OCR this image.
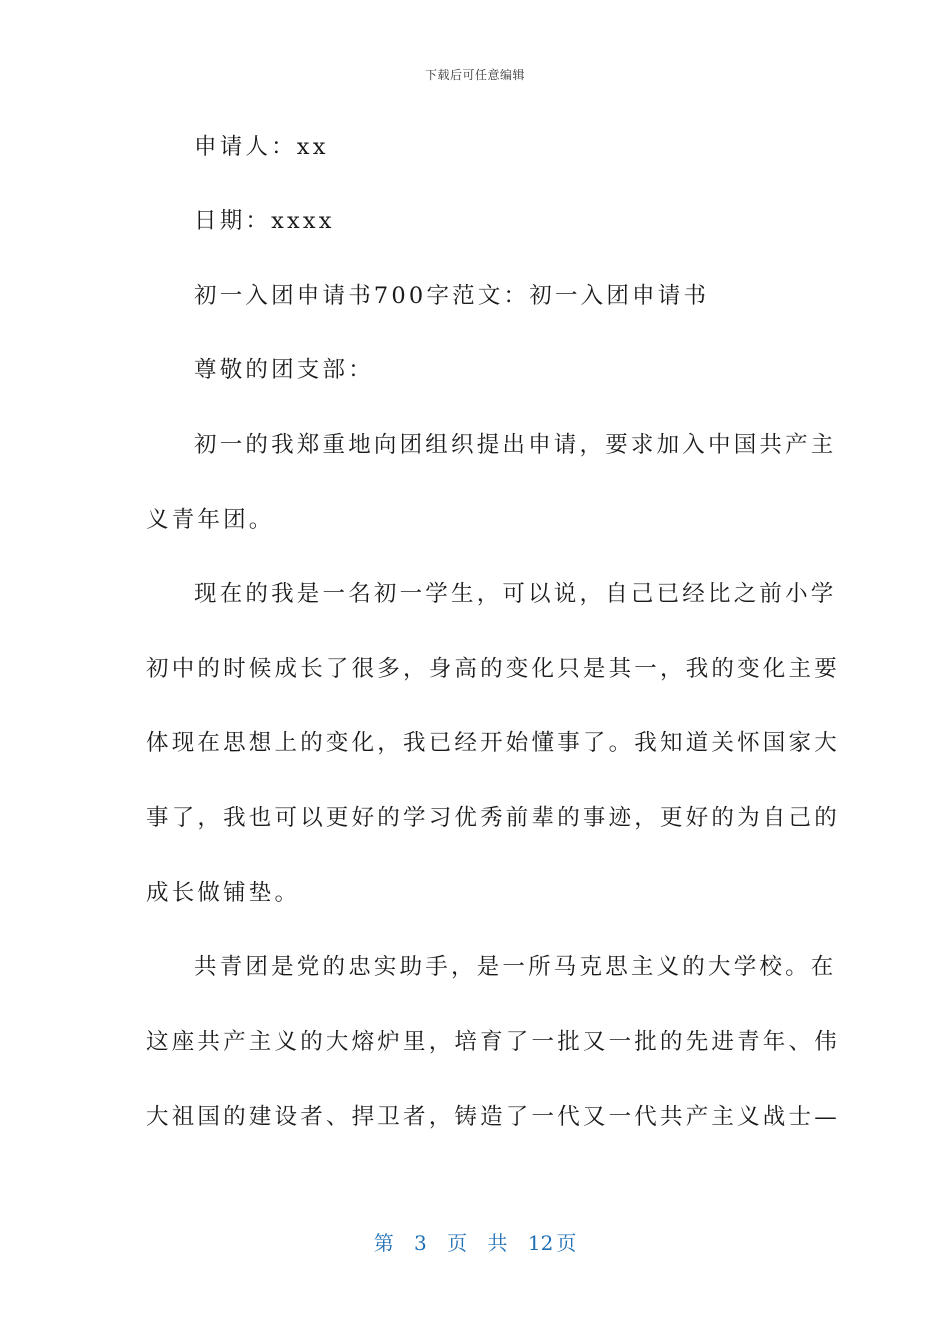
下载后可任意编辑
申请人：xx
日期：xxxx
初一入团申请书700字范文：初一入团申请书
尊敬的团支部：
初一的我郑重地向团组织提出申请，要求加入中国共产主
义青年团。
现在的我是一名初一学生，可以说，自己已经比之前小学
初中的时候成长了很多，身高的变化只是其一，我的变化主要
体现在思想上的变化，我已经开始懂事了。我知道关怀国家大
事了，我也可以更好的学习优秀前辈的事迹，更好的为自己的
成长做铺垫。
共青团是党的忠实助手，是一所马克思主义的大学校。在
这座共产主义的大熔炉里，培育了一批又一批的先进青年、伟
大祖国的建设者、捍卫者，铸造了一代又一代共产主义战士—
第 3 页 共 12 页
